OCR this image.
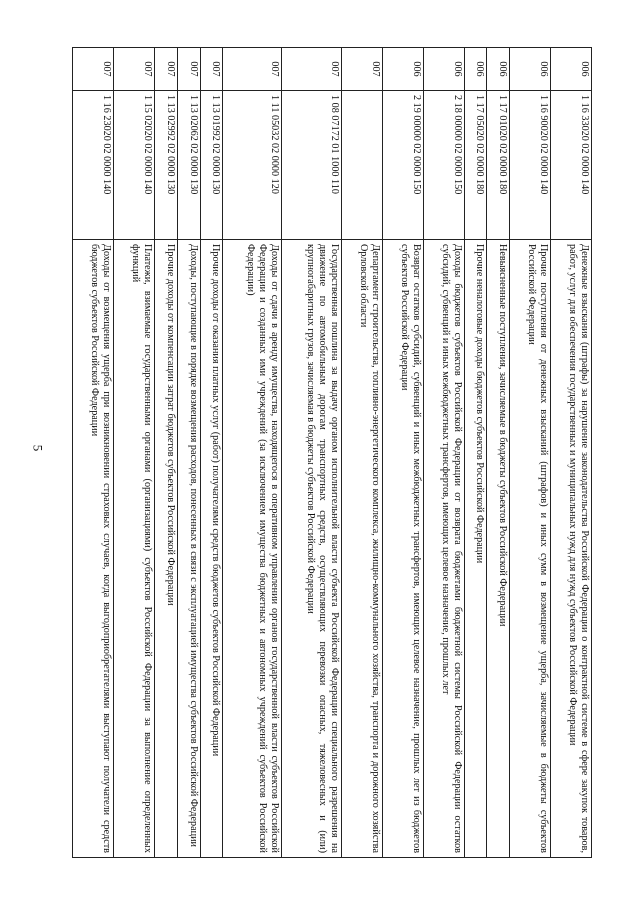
5
006	1 16 33020 02 0000 140	Денежные взыскания (штрафы) за нарушение законодательства Российской Федерации о контрактной системе в сфере закупок товаров, работ, услуг для обеспечения государственных и муниципальных нужд для нужд субъектов Российской Федерации
006	1 16 90020 02 0000 140	Прочие поступления от денежных взысканий (штрафов) и иных сумм в возмещение ущерба, зачисляемые в бюджеты субъектов Российской Федерации
006	1 17 01020 02 0000 180	Невыясненные поступления, зачисляемые в бюджеты субъектов Российской Федерации
006	1 17 05020 02 0000 180	Прочие неналоговые доходы бюджетов субъектов Российской Федерации
006	2 18 00000 02 0000 150	Доходы бюджетов субъектов Российской Федерации от возврата бюджетами бюджетной системы Российской Федерации остатков субсидий, субвенций и иных межбюджетных трансфертов, имеющих целевое назначение, прошлых лет
006	2 19 00000 02 0000 150	Возврат остатков субсидий, субвенций и иных межбюджетных трансфертов, имеющих целевое назначение, прошлых лет из бюджетов субъектов Российской Федерации
007		Департамент строительства, топливно-энергетического комплекса, жилищно-коммунального хозяйства, транспорта и дорожного хозяйства Орловской области
007	1 08 07172 01 1000 110	Государственная пошлина за выдачу органом исполнительной власти субъекта Российской Федерации специального разрешения на движение по автомобильным дорогам транспортных средств, осуществляющих перевозки опасных, тяжеловесных и (или) крупногабаритных грузов, зачисляемая в бюджеты субъектов Российской Федерации
007	1 11 05032 02 0000 120	Доходы от сдачи в аренду имущества, находящегося в оперативном управлении органов государственной власти субъектов Российской Федерации и созданных ими учреждений (за исключением имущества бюджетных и автономных учреждений субъектов Российской Федерации)
007	1 13 01992 02 0000 130	Прочие доходы от оказания платных услуг (работ) получателями средств бюджетов субъектов Российской Федерации
007	1 13 02062 02 0000 130	Доходы, поступающие в порядке возмещения расходов, понесенных в связи с эксплуатацией имущества субъектов Российской Федерации
007	1 13 02992 02 0000 130	Прочие доходы от компенсации затрат бюджетов субъектов Российской Федерации
007	1 15 02020 02 0000 140	Платежи, взимаемые государственными органами (организациями) субъектов Российской Федерации за выполнение определенных функций
007	1 16 23020 02 0000 140	Доходы от возмещения ущерба при возникновении страховых случаев, когда выгодоприобретателями выступают получатели средств бюджетов субъектов Российской Федерации
